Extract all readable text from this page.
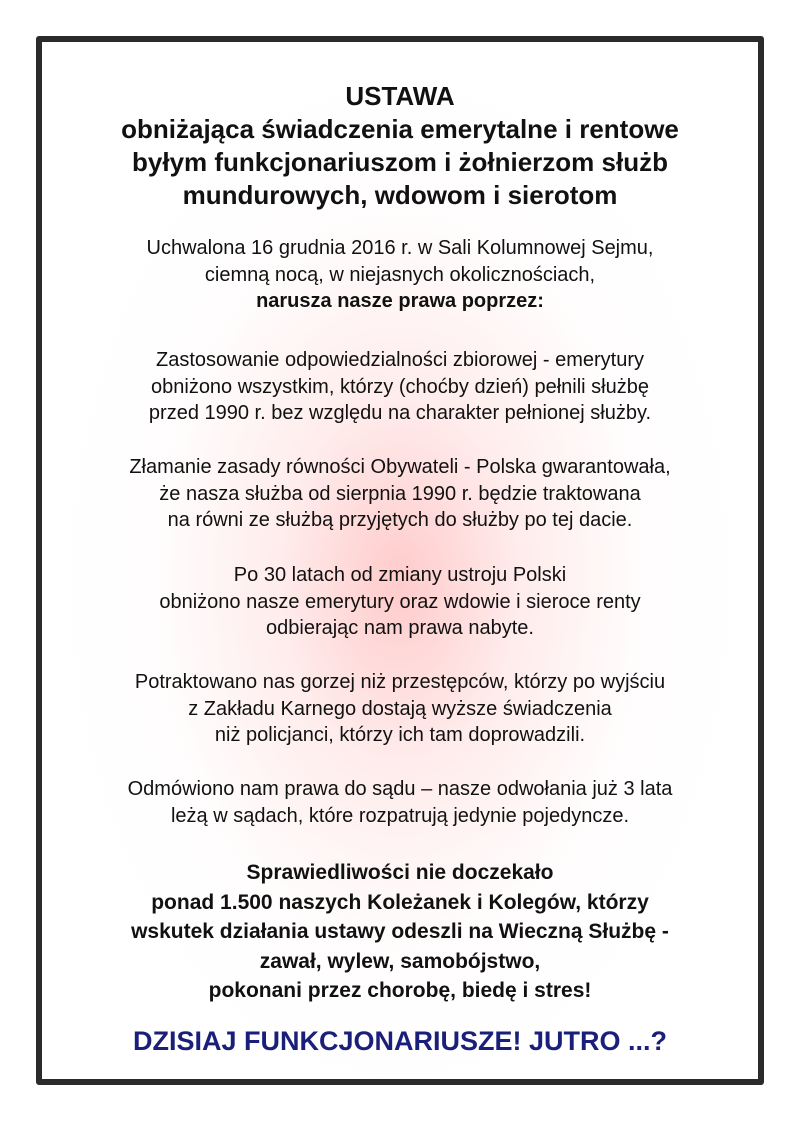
USTAWA
obniżająca świadczenia emerytalne i rentowe
byłym funkcjonariuszom i żołnierzom służb
mundurowych, wdowom i sierotom
Uchwalona 16 grudnia 2016 r. w Sali Kolumnowej Sejmu,
ciemną nocą, w niejasnych okolicznościach,
narusza nasze prawa poprzez:
Zastosowanie odpowiedzialności zbiorowej - emerytury
obniżono wszystkim, którzy (choćby dzień) pełnili służbę
przed 1990 r. bez względu na charakter pełnionej służby.
Złamanie zasady równości Obywateli - Polska gwarantowała,
że nasza służba od sierpnia 1990 r. będzie traktowana
na równi ze służbą przyjętych do służby po tej dacie.
Po 30 latach od zmiany ustroju Polski
obniżono nasze emerytury oraz wdowie i sieroce renty
odbierając nam prawa nabyte.
Potraktowano nas gorzej niż przestępców, którzy po wyjściu
z Zakładu Karnego dostają wyższe świadczenia
niż policjanci, którzy ich tam doprowadzili.
Odmówiono nam prawa do sądu – nasze odwołania już 3 lata
leżą w sądach, które rozpatrują jedynie pojedyncze.
Sprawiedliwości nie doczekało
ponad 1.500 naszych Koleżanek i Kolegów, którzy
wskutek działania ustawy odeszli na Wieczną Służbę -
zawał, wylew, samobójstwo,
pokonani przez chorobę, biedę i stres!
DZISIAJ FUNKCJONARIUSZE! JUTRO ...?
